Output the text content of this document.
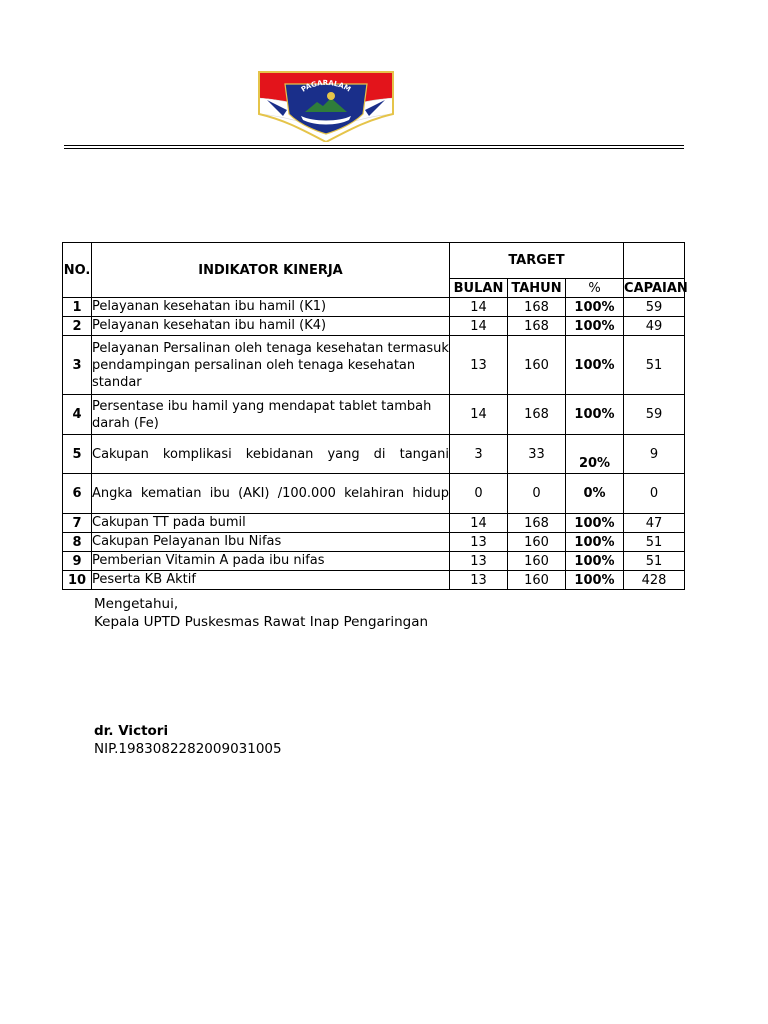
PAGARALAM
NO.	INDIKATOR KINERJA	TARGET			
		BULAN	TAHUN	%	CAPAIAN
1	Pelayanan kesehatan ibu hamil (K1)	14	168	100%	59
2	Pelayanan kesehatan ibu hamil (K4)	14	168	100%	49
3	Pelayanan Persalinan oleh tenaga kesehatan termasuk pendampingan persalinan oleh tenaga kesehatan standar	13	160	100%	51
4	Persentase ibu hamil yang mendapat tablet tambah darah (Fe)	14	168	100%	59
5	Cakupan komplikasi kebidanan yang di tangani	3	33	20%	9
6	Angka kematian ibu (AKI) /100.000 kelahiran hidup	0	0	0%	0
7	Cakupan TT pada bumil	14	168	100%	47
8	Cakupan Pelayanan Ibu Nifas	13	160	100%	51
9	Pemberian Vitamin A pada ibu nifas	13	160	100%	51
10	Peserta KB Aktif	13	160	100%	428
Mengetahui,
Kepala UPTD Puskesmas Rawat Inap Pengaringan
dr. Victori
NIP.198308228200903100​5
